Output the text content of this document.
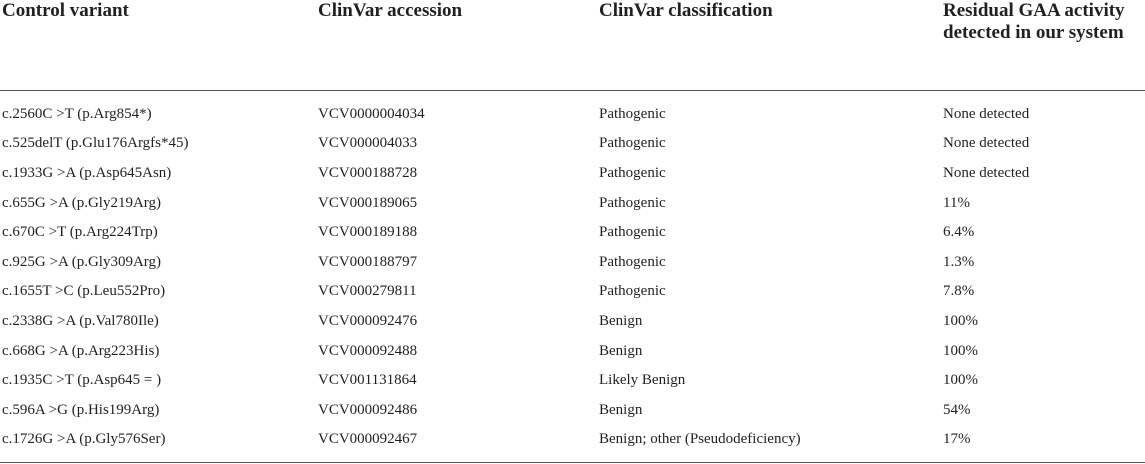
Control variant	ClinVar accession	ClinVar classification	Residual GAA activity detected in our system

c.2560C >T (p.Arg854*)	VCV0000004034	Pathogenic	None detected
c.525delT (p.Glu176Argfs*45)	VCV000004033	Pathogenic	None detected
c.1933G >A (p.Asp645Asn)	VCV000188728	Pathogenic	None detected
c.655G >A (p.Gly219Arg)	VCV000189065	Pathogenic	11%
c.670C >T (p.Arg224Trp)	VCV000189188	Pathogenic	6.4%
c.925G >A (p.Gly309Arg)	VCV000188797	Pathogenic	1.3%
c.1655T >C (p.Leu552Pro)	VCV000279811	Pathogenic	7.8%
c.2338G >A (p.Val780Ile)	VCV000092476	Benign	100%
c.668G >A (p.Arg223His)	VCV000092488	Benign	100%
c.1935C >T (p.Asp645 = )	VCV001131864	Likely Benign	100%
c.596A >G (p.His199Arg)	VCV000092486	Benign	54%
c.1726G >A (p.Gly576Ser)	VCV000092467	Benign; other (Pseudodeficiency)	17%
